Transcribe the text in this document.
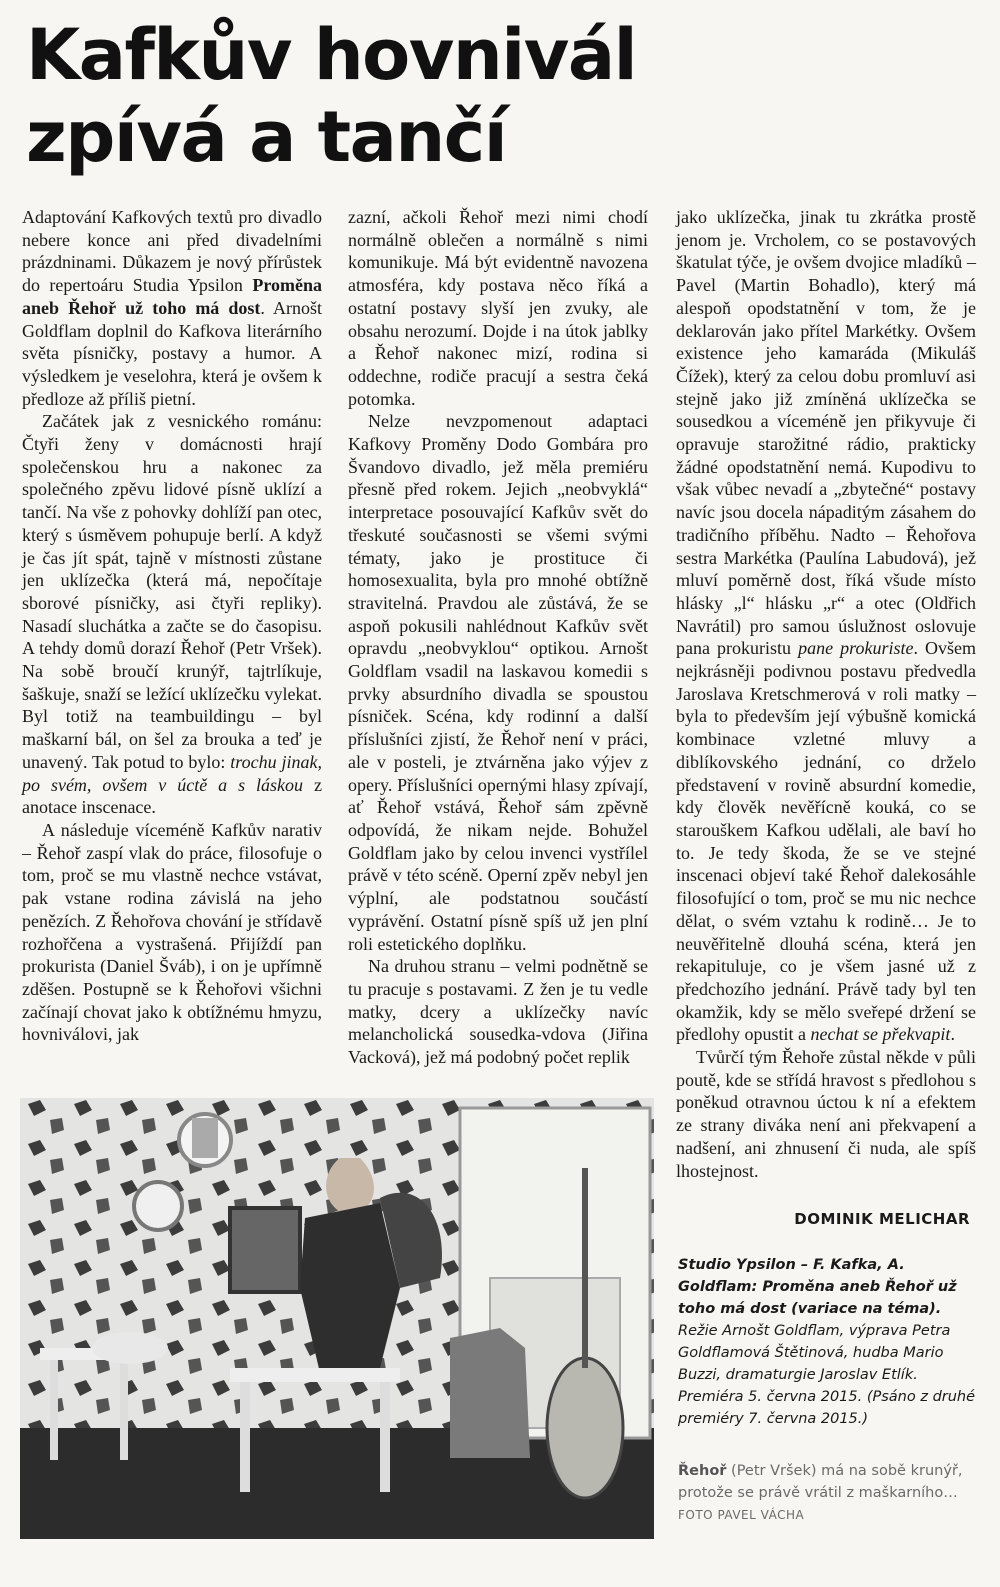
Kafkův hovnivál
zpívá a tančí

Adaptování Kafkových textů pro divadlo nebere konce ani před divadelními prázdninami. Důkazem je nový přírůstek do repertoáru Studia Ypsilon Proměna aneb Řehoř už toho má dost. Arnošt Goldflam doplnil do Kafkova literárního světa písničky, postavy a humor. A výsledkem je veselohra, která je ovšem k předloze až příliš pietní.

Začátek jak z vesnického románu: Čtyři ženy v domácnosti hrají společenskou hru a nakonec za společného zpěvu lidové písně uklízí a tančí. Na vše z pohovky dohlíží pan otec, který s úsměvem pohupuje berlí. A když je čas jít spát, tajně v místnosti zůstane jen uklízečka (která má, nepočítaje sborové písničky, asi čtyři repliky). Nasadí sluchátka a začte se do časopisu. A tehdy domů dorazí Řehoř (Petr Vršek). Na sobě broučí krunýř, tajtrlíkuje, šaškuje, snaží se ležící uklízečku vylekat. Byl totiž na teambuildingu – byl maškarní bál, on šel za brouka a teď je unavený. Tak potud to bylo: trochu jinak, po svém, ovšem v úctě a s láskou z anotace inscenace.

A následuje víceméně Kafkův narativ – Řehoř zaspí vlak do práce, filosofuje o tom, proč se mu vlastně nechce vstávat, pak vstane rodina závislá na jeho penězích. Z Řehořova chování je střídavě rozhořčena a vystrašená. Přijíždí pan prokurista (Daniel Šváb), i on je upřímně zděšen. Postupně se k Řehořovi všichni začínají chovat jako k obtížnému hmyzu, hovniválovi, jak

zazní, ačkoli Řehoř mezi nimi chodí normálně oblečen a normálně s nimi komunikuje. Má být evidentně navozena atmosféra, kdy postava něco říká a ostatní postavy slyší jen zvuky, ale obsahu nerozumí. Dojde i na útok jablky a Řehoř nakonec mizí, rodina si oddechne, rodiče pracují a sestra čeká potomka.

Nelze nevzpomenout adaptaci Kafkovy Proměny Dodo Gombára pro Švandovo divadlo, jež měla premiéru přesně před rokem. Jejich „neobvyklá“ interpretace posouvající Kafkův svět do třeskuté současnosti se všemi svými tématy, jako je prostituce či homosexualita, byla pro mnohé obtížně stravitelná. Pravdou ale zůstává, že se aspoň pokusili nahlédnout Kafkův svět opravdu „neobvyklou“ optikou. Arnošt Goldflam vsadil na laskavou komedii s prvky absurdního divadla se spoustou písniček. Scéna, kdy rodinní a další příslušníci zjistí, že Řehoř není v práci, ale v posteli, je ztvárněna jako výjev z opery. Příslušníci opernými hlasy zpívají, ať Řehoř vstává, Řehoř sám zpěvně odpovídá, že nikam nejde. Bohužel Goldflam jako by celou invenci vystřílel právě v této scéně. Operní zpěv nebyl jen výplní, ale podstatnou součástí vyprávění. Ostatní písně spíš už jen plní roli estetického doplňku.

Na druhou stranu – velmi podnětně se tu pracuje s postavami. Z žen je tu vedle matky, dcery a uklízečky navíc melancholická sousedka-vdova (Jiřina Vacková), jež má podobný počet replik

jako uklízečka, jinak tu zkrátka prostě jenom je. Vrcholem, co se postavových škatulat týče, je ovšem dvojice mladíků – Pavel (Martin Bohadlo), který má alespoň opodstatnění v tom, že je deklarován jako přítel Markétky. Ovšem existence jeho kamaráda (Mikuláš Čížek), který za celou dobu promluví asi stejně jako již zmíněná uklízečka se sousedkou a víceméně jen přikyvuje či opravuje starožitné rádio, prakticky žádné opodstatnění nemá. Kupodivu to však vůbec nevadí a „zbytečné“ postavy navíc jsou docela nápaditým zásahem do tradičního příběhu. Nadto – Řehořova sestra Markétka (Paulína Labudová), jež mluví poměrně dost, říká všude místo hlásky „l“ hlásku „r“ a otec (Oldřich Navrátil) pro samou úslužnost oslovuje pana prokuristu pane prokuriste. Ovšem nejkrásněji podivnou postavu předvedla Jaroslava Kretschmerová v roli matky – byla to především její výbušně komická kombinace vzletné mluvy a diblíkovského jednání, co drželo představení v rovině absurdní komedie, kdy člověk nevěřícně kouká, co se starouškem Kafkou udělali, ale baví ho to. Je tedy škoda, že se ve stejné inscenaci objeví také Řehoř dalekosáhle filosofující o tom, proč se mu nic nechce dělat, o svém vztahu k rodině… Je to neuvěřitelně dlouhá scéna, která jen rekapituluje, co je všem jasné už z předchozího jednání. Právě tady byl ten okamžik, kdy se mělo sveřepé držení se předlohy opustit a nechat se překvapit.

Tvůrčí tým Řehoře zůstal někde v půli poutě, kde se střídá hravost s předlohou s poněkud otravnou úctou k ní a efektem ze strany diváka není ani překvapení a nadšení, ani zhnusení či nuda, ale spíš lhostejnost.

DOMINIK MELICHAR
Studio Ypsilon – F. Kafka, A. Goldflam: Proměna aneb Řehoř už toho má dost (variace na téma). Režie Arnošt Goldflam, výprava Petra Goldflamová Štětinová, hudba Mario Buzzi, dramaturgie Jaroslav Etlík. Premiéra 5. června 2015. (Psáno z druhé premiéry 7. června 2015.)
Řehoř (Petr Vršek) má na sobě krunýř, protože se právě vrátil z maškarního… FOTO PAVEL VÁCHA
